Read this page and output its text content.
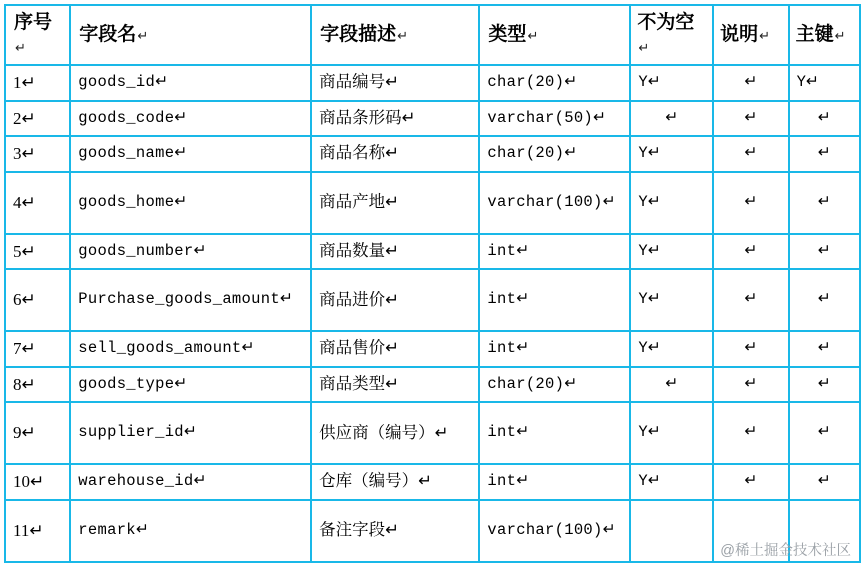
序号↵	字段名↵	字段描述↵	类型↵	不为空↵	说明↵	主键↵

1↵	goods_id↵	商品编号↵	char(20)↵	Y↵	↵	Y↵

2↵	goods_code↵	商品条形码↵	varchar(50)↵	↵	↵	↵

3↵	goods_name↵	商品名称↵	char(20)↵	Y↵	↵	↵

4↵	goods_home↵	商品产地↵	varchar(100)↵	Y↵	↵	↵

5↵	goods_number↵	商品数量↵	int↵	Y↵	↵	↵

6↵	Purchase_goods_amount↵	商品进价↵	int↵	Y↵	↵	↵

7↵	sell_goods_amount↵	商品售价↵	int↵	Y↵	↵	↵

8↵	goods_type↵	商品类型↵	char(20)↵	↵	↵	↵

9↵	supplier_id↵	供应商（编号）↵	int↵	Y↵	↵	↵

10↵	warehouse_id↵	仓库（编号）↵	int↵	Y↵	↵	↵

11↵	remark↵	备注字段↵	varchar(100)↵			

@稀土掘金技术社区
